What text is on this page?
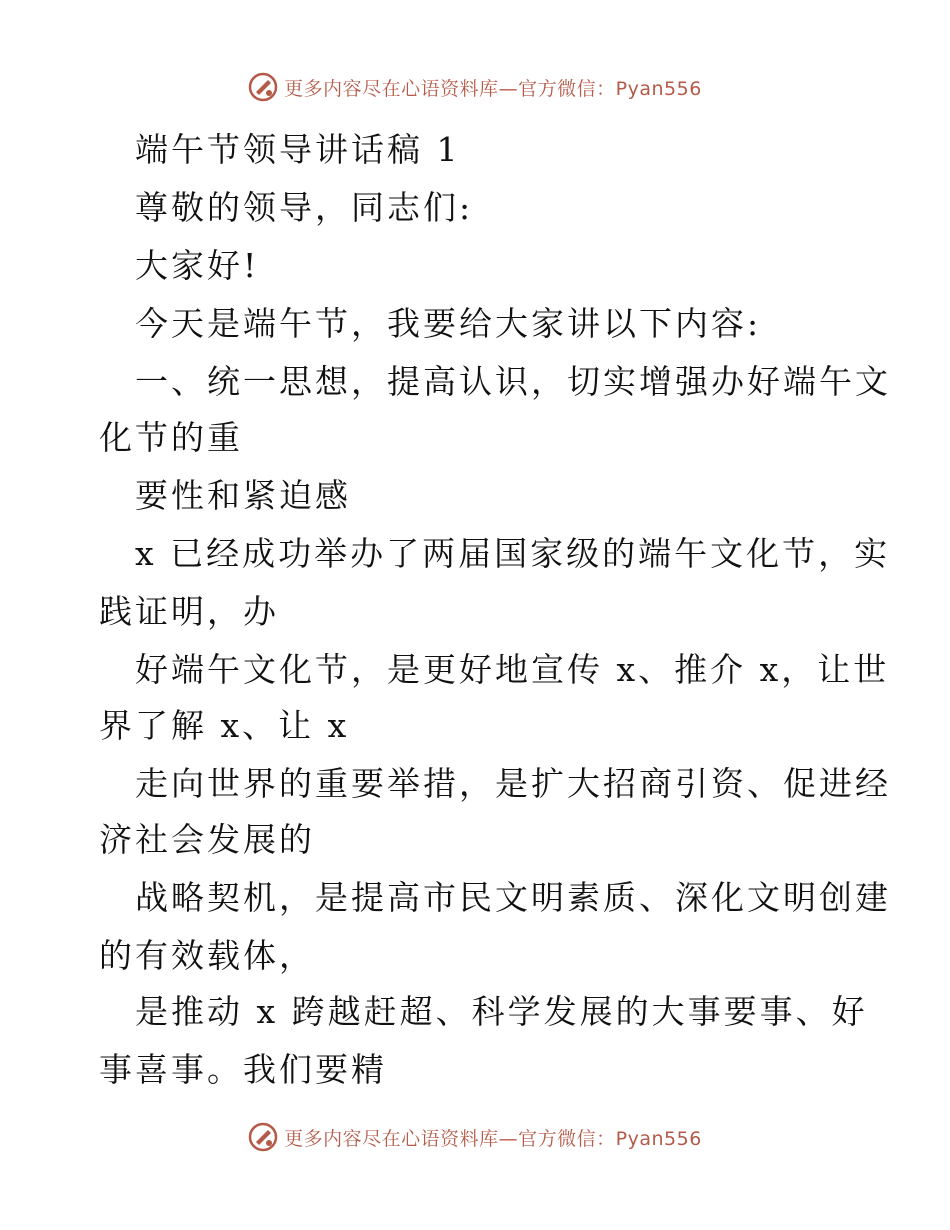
更多内容尽在心语资料库—官方微信：Pyan556
端午节领导讲话稿 1
尊敬的领导，同志们:
大家好!
今天是端午节，我要给大家讲以下内容:
一、统一思想，提高认识，切实增强办好端午文
化节的重
要性和紧迫感
x 已经成功举办了两届国家级的端午文化节，实
践证明，办
好端午文化节，是更好地宣传 x、推介 x，让世
界了解 x、让 x
走向世界的重要举措，是扩大招商引资、促进经
济社会发展的
战略契机，是提高市民文明素质、深化文明创建
的有效载体，
是推动 x 跨越赶超、科学发展的大事要事、好
事喜事。我们要精
更多内容尽在心语资料库—官方微信：Pyan556
